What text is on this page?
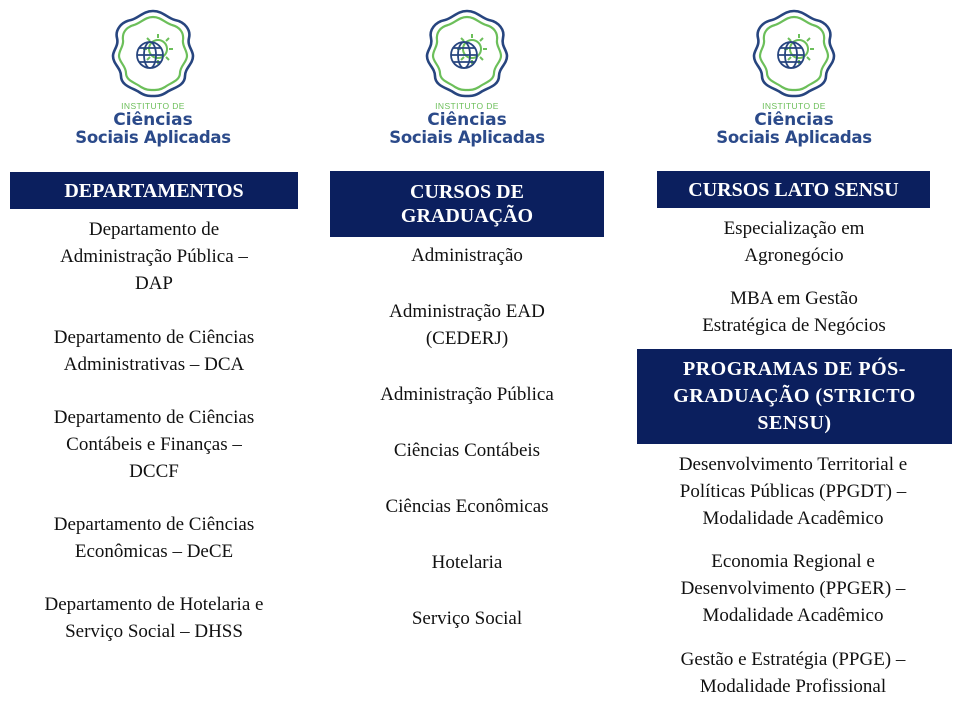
INSTITUTO DE
Ciências
Sociais Aplicadas
INSTITUTO DE
Ciências
Sociais Aplicadas
INSTITUTO DE
Ciências
Sociais Aplicadas
DEPARTAMENTOS
Departamento de
Administração Pública –
DAP
Departamento de Ciências
Administrativas – DCA
Departamento de Ciências
Contábeis e Finanças –
DCCF
Departamento de Ciências
Econômicas – DeCE
Departamento de Hotelaria e
Serviço Social – DHSS
CURSOS DE
GRADUAÇÃO
Administração
Administração EAD
(CEDERJ)
Administração Pública
Ciências Contábeis
Ciências Econômicas
Hotelaria
Serviço Social
CURSOS LATO SENSU
Especialização em
Agronegócio
MBA em Gestão
Estratégica de Negócios
PROGRAMAS DE PÓS-
GRADUAÇÃO (STRICTO
SENSU)
Desenvolvimento Territorial e
Políticas Públicas (PPGDT) –
Modalidade Acadêmico
Economia Regional e
Desenvolvimento (PPGER) –
Modalidade Acadêmico
Gestão e Estratégia (PPGE) –
Modalidade Profissional
